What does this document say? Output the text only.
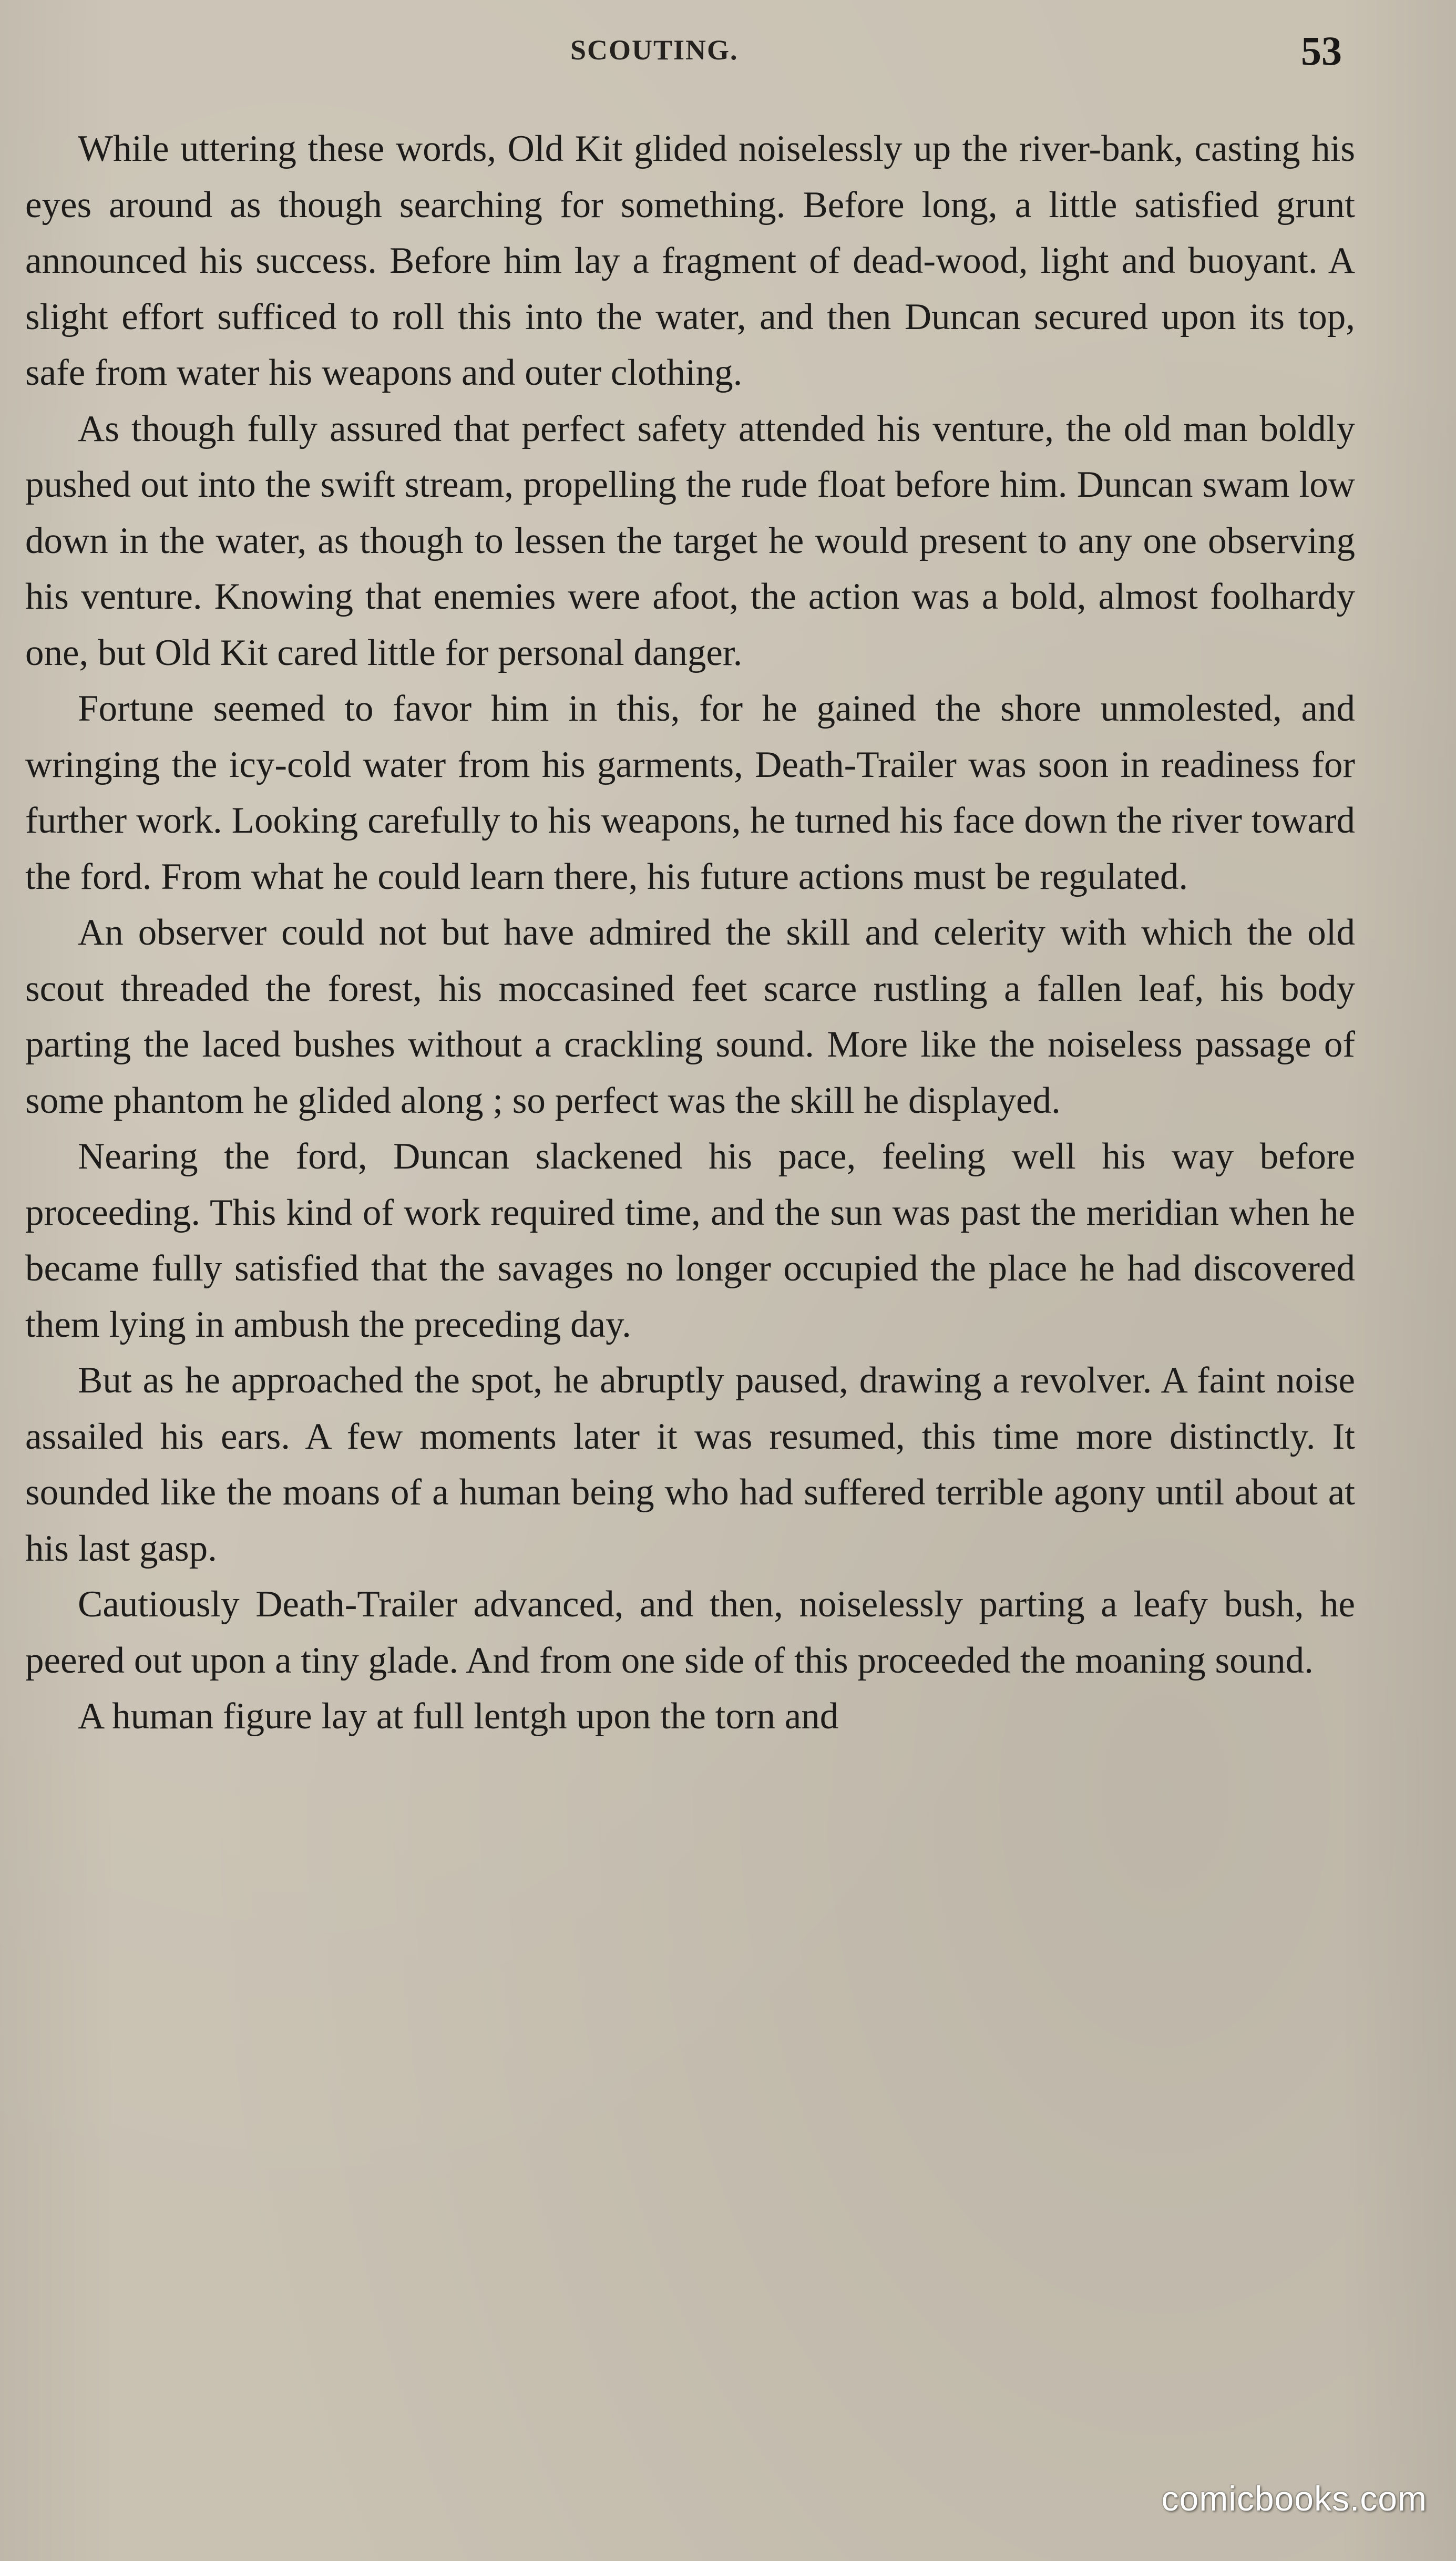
SCOUTING.	53

While uttering these words, Old Kit glided noiselessly up the river-bank, casting his eyes around as though searching for something. Before long, a little satisfied grunt announced his success. Before him lay a fragment of dead-wood, light and buoyant. A slight effort sufficed to roll this into the water, and then Duncan secured upon its top, safe from water his weapons and outer clothing.

As though fully assured that perfect safety attended his venture, the old man boldly pushed out into the swift stream, propelling the rude float before him. Duncan swam low down in the water, as though to lessen the target he would present to any one observing his venture. Knowing that enemies were afoot, the action was a bold, almost foolhardy one, but Old Kit cared little for personal danger.

Fortune seemed to favor him in this, for he gained the shore unmolested, and wringing the icy-cold water from his garments, Death-Trailer was soon in readiness for further work. Looking carefully to his weapons, he turned his face down the river toward the ford. From what he could learn there, his future actions must be regulated.

An observer could not but have admired the skill and celerity with which the old scout threaded the forest, his moccasined feet scarce rustling a fallen leaf, his body parting the laced bushes without a crackling sound. More like the noiseless passage of some phantom he glided along ; so perfect was the skill he displayed.

Nearing the ford, Duncan slackened his pace, feeling well his way before proceeding. This kind of work required time, and the sun was past the meridian when he became fully satisfied that the savages no longer occupied the place he had discovered them lying in ambush the preceding day.

But as he approached the spot, he abruptly paused, drawing a revolver. A faint noise assailed his ears. A few moments later it was resumed, this time more distinctly. It sounded like the moans of a human being who had suffered terrible agony until about at his last gasp.

Cautiously Death-Trailer advanced, and then, noiselessly parting a leafy bush, he peered out upon a tiny glade. And from one side of this proceeded the moaning sound.

A human figure lay at full lentgh upon the torn and

comicbooks.com
